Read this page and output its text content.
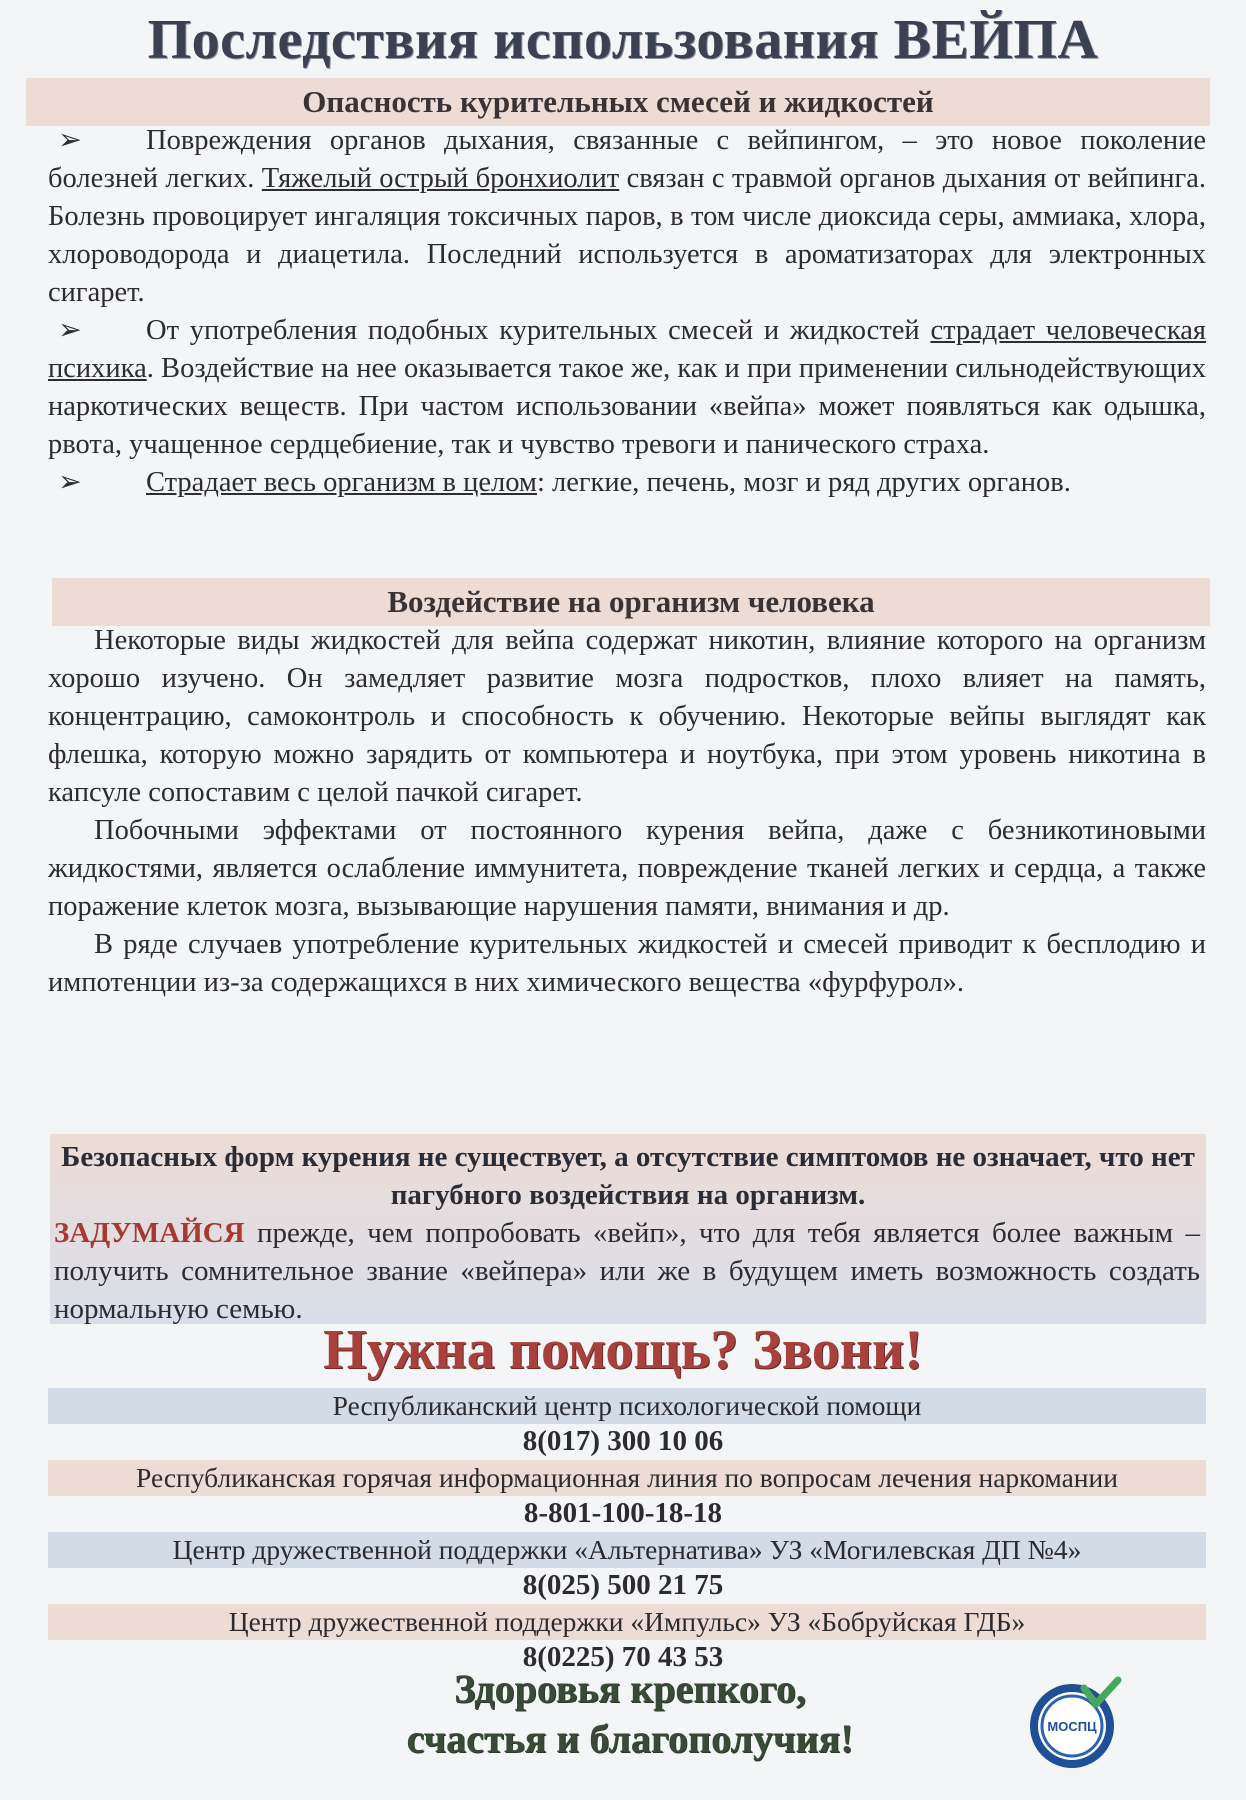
Последствия использования ВЕЙПА
Опасность курительных смесей и жидкостей

➢ Повреждения органов дыхания, связанные с вейпингом, – это новое поколение болезней легких. Тяжелый острый бронхиолит связан с травмой органов дыхания от вейпинга. Болезнь провоцирует ингаляция токсичных паров, в том числе диоксида серы, аммиака, хлора, хлороводорода и диацетила. Последний используется в ароматизаторах для электронных сигарет.

➢ От употребления подобных курительных смесей и жидкостей страдает человеческая психика. Воздействие на нее оказывается такое же, как и при применении сильнодействующих наркотических веществ. При частом использовании «вейпа» может появляться как одышка, рвота, учащенное сердцебиение, так и чувство тревоги и панического страха.

➢ Страдает весь организм в целом: легкие, печень, мозг и ряд других органов.

Воздействие на организм человека

Некоторые виды жидкостей для вейпа содержат никотин, влияние которого на организм хорошо изучено. Он замедляет развитие мозга подростков, плохо влияет на память, концентрацию, самоконтроль и способность к обучению. Некоторые вейпы выглядят как флешка, которую можно зарядить от компьютера и ноутбука, при этом уровень никотина в капсуле сопоставим с целой пачкой сигарет.

Побочными эффектами от постоянного курения вейпа, даже с безникотиновыми жидкостями, является ослабление иммунитета, повреждение тканей легких и сердца, а также поражение клеток мозга, вызывающие нарушения памяти, внимания и др.

В ряде случаев употребление курительных жидкостей и смесей приводит к бесплодию и импотенции из-за содержащихся в них химического вещества «фурфурол».

Безопасных форм курения не существует, а отсутствие симптомов не означает, что нет пагубного воздействия на организм.
ЗАДУМАЙСЯ прежде, чем попробовать «вейп», что для тебя является более важным – получить сомнительное звание «вейпера» или же в будущем иметь возможность создать нормальную семью.
Нужна помощь? Звони!
Республиканский центр психологической помощи
8(017) 300 10 06
Республиканская горячая информационная линия по вопросам лечения наркомании
8-801-100-18-18
Центр дружественной поддержки «Альтернатива» УЗ «Могилевская ДП №4»
8(025) 500 21 75
Центр дружественной поддержки «Импульс» УЗ «Бобруйская ГДБ»
8(0225) 70 43 53
Здоровья крепкого,
счастья и благополучия!	МОСПЦ
